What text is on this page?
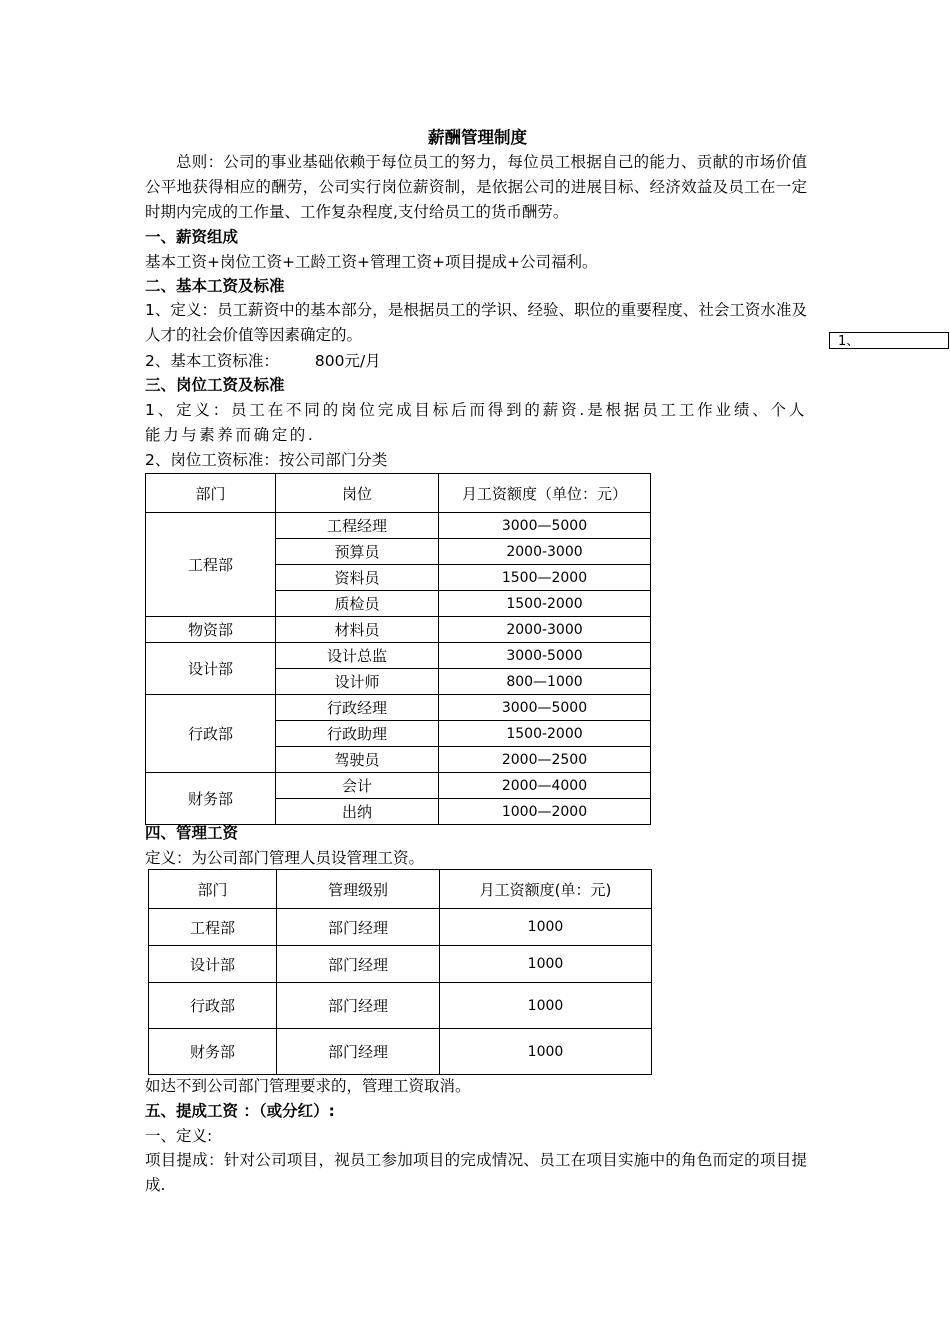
薪酬管理制度
总则：公司的事业基础依赖于每位员工的努力，每位员工根据自己的能力、贡献的市场价值公平地获得相应的酬劳，公司实行岗位薪资制，是依据公司的进展目标、经济效益及员工在一定时期内完成的工作量、工作复杂程度,支付给员工的货币酬劳。
一、薪资组成
基本工资+岗位工资+工龄工资+管理工资+项目提成+公司福利。
二、基本工资及标准
1、定义：员工薪资中的基本部分，是根据员工的学识、经验、职位的重要程度、社会工资水准及人才的社会价值等因素确定的。
2、基本工资标准： 800元/月
三、岗位工资及标准
1、定义：员工在不同的岗位完成目标后而得到的薪资.是根据员工工作业绩、个人能力与素养而确定的.
2、岗位工资标准：按公司部门分类
部门	岗位	月工资额度（单位：元）
工程部	工程经理	3000—5000
	预算员	2000-3000
	资料员	1500—2000
	质检员	1500-2000
物资部	材料员	2000-3000
设计部	设计总监	3000-5000
	设计师	800—1000
行政部	行政经理	3000—5000
	行政助理	1500-2000
	驾驶员	2000—2500
财务部	会计	2000—4000
	出纳	1000—2000
四、管理工资
定义：为公司部门管理人员设管理工资。
部门	管理级别	月工资额度(单：元)
工程部	部门经理	1000
设计部	部门经理	1000
行政部	部门经理	1000
财务部	部门经理	1000
如达不到公司部门管理要求的，管理工资取消。
五、提成工资 ：（或分红）:
一、定义:
项目提成：针对公司项目，视员工参加项目的完成情况、员工在项目实施中的角色而定的项目提成.
1、
